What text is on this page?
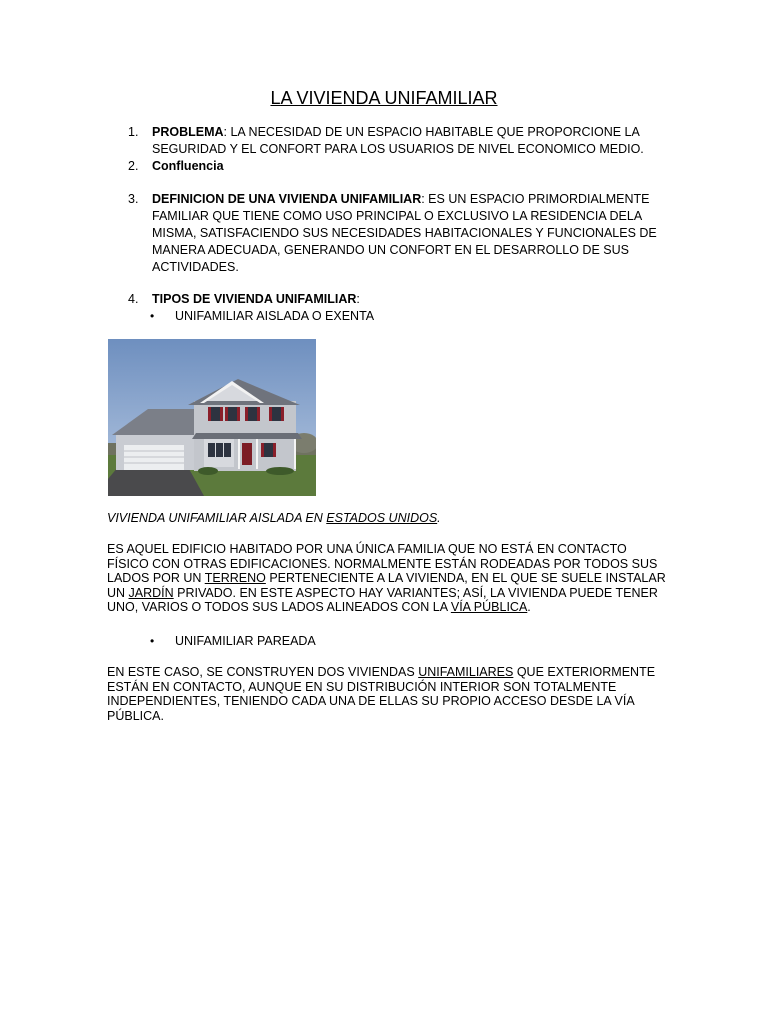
LA VIVIENDA UNIFAMILIAR
1. PROBLEMA: LA NECESIDAD DE UN ESPACIO HABITABLE QUE PROPORCIONE LA SEGURIDAD Y EL CONFORT PARA LOS USUARIOS DE NIVEL ECONOMICO MEDIO.
2. Confluencia
3. DEFINICION DE UNA VIVIENDA UNIFAMILIAR: ES UN ESPACIO PRIMORDIALMENTE FAMILIAR QUE TIENE COMO USO PRINCIPAL O EXCLUSIVO LA RESIDENCIA DELA MISMA, SATISFACIENDO SUS NECESIDADES HABITACIONALES Y FUNCIONALES DE MANERA ADECUADA, GENERANDO UN CONFORT EN EL DESARROLLO DE SUS ACTIVIDADES.
4. TIPOS DE VIVIENDA UNIFAMILIAR:
• UNIFAMILIAR AISLADA O EXENTA
VIVIENDA UNIFAMILIAR AISLADA EN ESTADOS UNIDOS.
ES AQUEL EDIFICIO HABITADO POR UNA ÚNICA FAMILIA QUE NO ESTÁ EN CONTACTO FÍSICO CON OTRAS EDIFICACIONES. NORMALMENTE ESTÁN RODEADAS POR TODOS SUS LADOS POR UN TERRENO PERTENECIENTE A LA VIVIENDA, EN EL QUE SE SUELE INSTALAR UN JARDÍN PRIVADO. EN ESTE ASPECTO HAY VARIANTES; ASÍ, LA VIVIENDA PUEDE TENER UNO, VARIOS O TODOS SUS LADOS ALINEADOS CON LA VÍA PÚBLICA.
• UNIFAMILIAR PAREADA
EN ESTE CASO, SE CONSTRUYEN DOS VIVIENDAS UNIFAMILIARES QUE EXTERIORMENTE ESTÁN EN CONTACTO, AUNQUE EN SU DISTRIBUCIÓN INTERIOR SON TOTALMENTE INDEPENDIENTES, TENIENDO CADA UNA DE ELLAS SU PROPIO ACCESO DESDE LA VÍA PÚBLICA.
